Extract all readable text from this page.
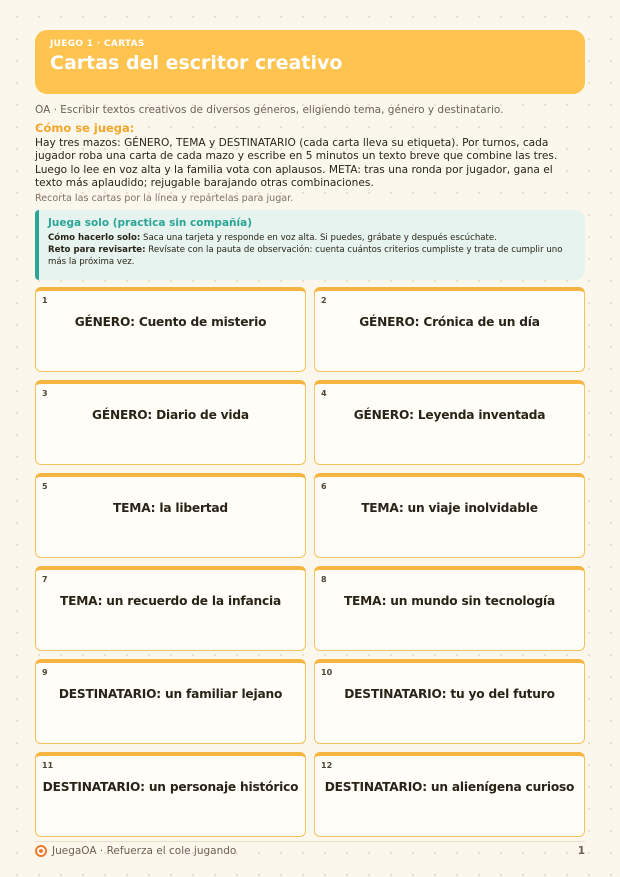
JUEGO 1 · CARTAS
Cartas del escritor creativo
OA · Escribir textos creativos de diversos géneros, eligiendo tema, género y destinatario.
Cómo se juega:
Hay tres mazos: GÉNERO, TEMA y DESTINATARIO (cada carta lleva su etiqueta). Por turnos, cada jugador roba una carta de cada mazo y escribe en 5 minutos un texto breve que combine las tres. Luego lo lee en voz alta y la familia vota con aplausos. META: tras una ronda por jugador, gana el texto más aplaudido; rejugable barajando otras combinaciones.
Recorta las cartas por la línea y repártelas para jugar.
Juega solo (practica sin compañía)
Cómo hacerlo solo: Saca una tarjeta y responde en voz alta. Si puedes, grábate y después escúchate.
Reto para revisarte: Revísate con la pauta de observación: cuenta cuántos criterios cumpliste y trata de cumplir uno más la próxima vez.
1
GÉNERO: Cuento de misterio
2
GÉNERO: Crónica de un día
3
GÉNERO: Diario de vida
4
GÉNERO: Leyenda inventada
5
TEMA: la libertad
6
TEMA: un viaje inolvidable
7
TEMA: un recuerdo de la infancia
8
TEMA: un mundo sin tecnología
9
DESTINATARIO: un familiar lejano
10
DESTINATARIO: tu yo del futuro
11
DESTINATARIO: un personaje histórico
12
DESTINATARIO: un alienígena curioso
JuegaOA · Refuerza el cole jugando	1
